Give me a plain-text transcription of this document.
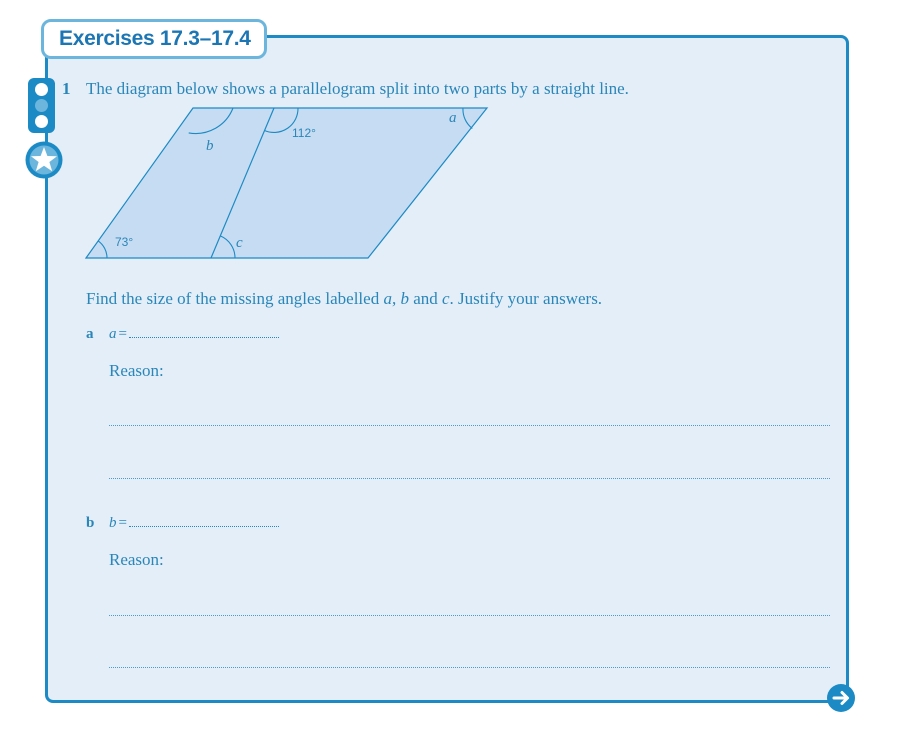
Exercises 17.3–17.4
1 The diagram below shows a parallelogram split into two parts by a straight line.
b
112°
a
73°	c
Find the size of the missing angles labelled a, b and c. Justify your answers.
a a =
Reason:
b b =
Reason:
